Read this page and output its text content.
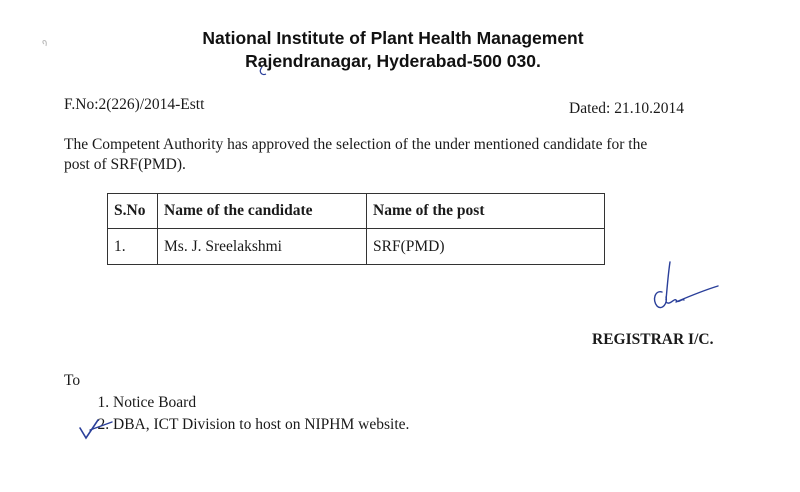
National Institute of Plant Health Management
Rajendranagar, Hyderabad-500 030.
F.No:2(226)/2014-Estt	Dated: 21.10.2014
The Competent Authority has approved the selection of the under mentioned candidate for the
post of SRF(PMD).
S.No	Name of the candidate	Name of the post
1.	Ms. J. Sreelakshmi	SRF(PMD)
REGISTRAR I/C.
To
1. Notice Board
2. DBA, ICT Division to host on NIPHM website.
